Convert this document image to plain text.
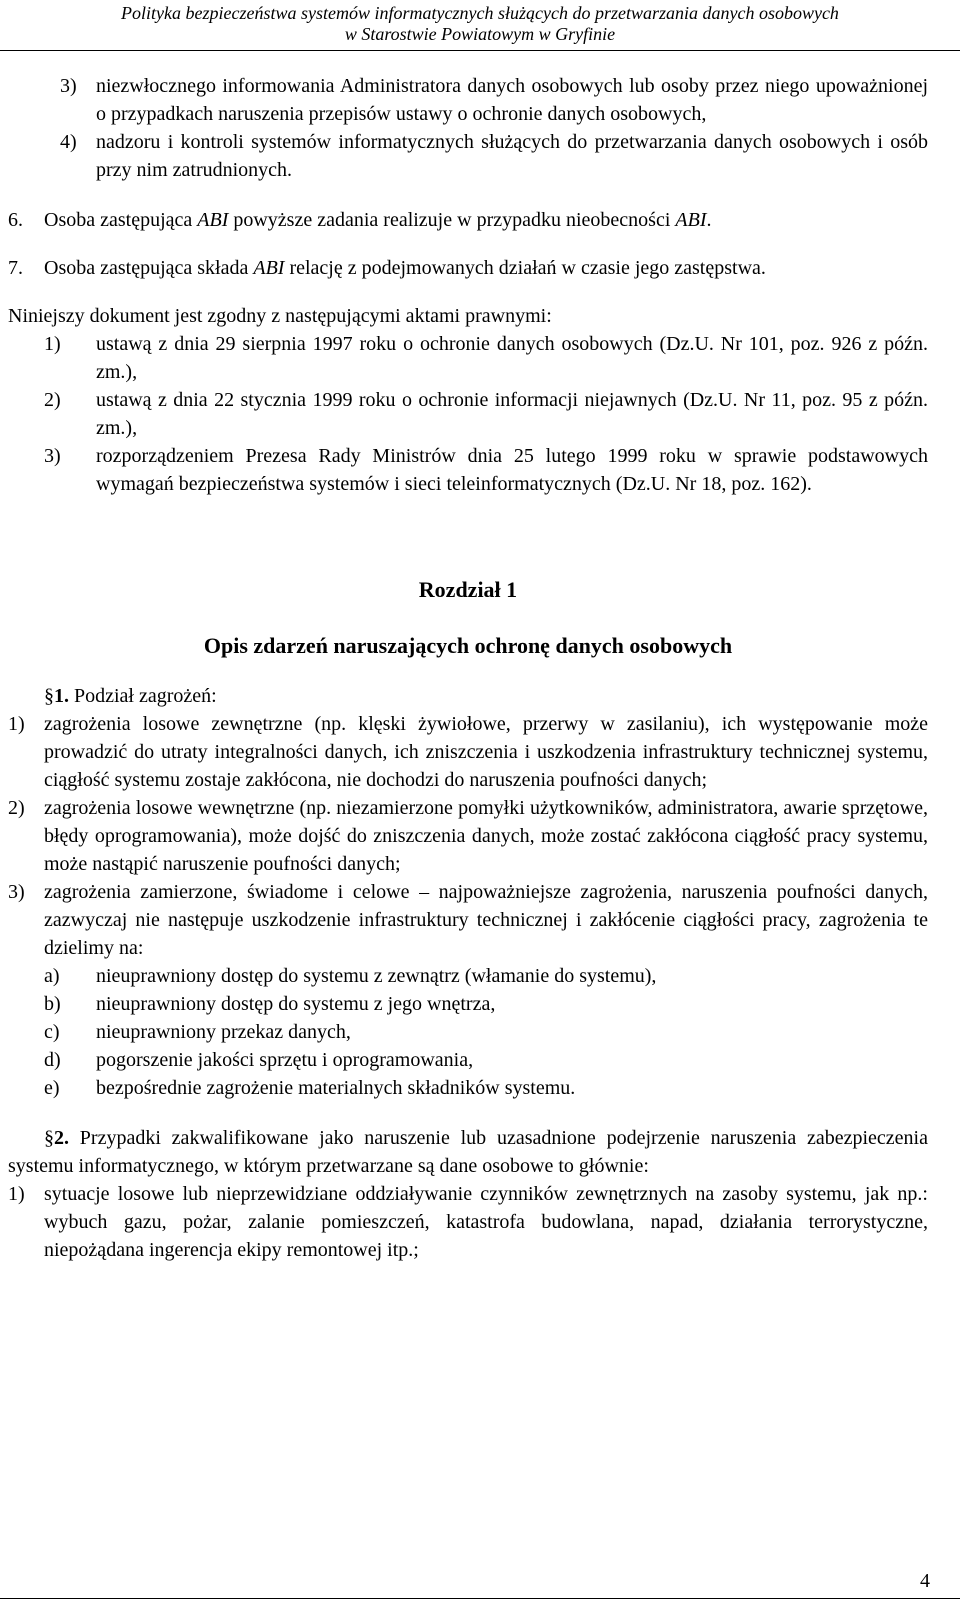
Polityka bezpieczeństwa systemów informatycznych służących do przetwarzania danych osobowych
w Starostwie Powiatowym w Gryfinie
3) niezwłocznego informowania Administratora danych osobowych lub osoby przez niego upoważnionej o przypadkach naruszenia przepisów ustawy o ochronie danych osobowych,
4) nadzoru i kontroli systemów informatycznych służących do przetwarzania danych osobowych i osób przy nim zatrudnionych.
6. Osoba zastępująca ABI powyższe zadania realizuje w przypadku nieobecności ABI.
7. Osoba zastępująca składa ABI relację z podejmowanych działań w czasie jego zastępstwa.

Niniejszy dokument jest zgodny z następującymi aktami prawnymi:

1) ustawą z dnia 29 sierpnia 1997 roku o ochronie danych osobowych (Dz.U. Nr 101, poz. 926 z późn. zm.),
2) ustawą z dnia 22 stycznia 1999 roku o ochronie informacji niejawnych (Dz.U. Nr 11, poz. 95 z późn. zm.),
3) rozporządzeniem Prezesa Rady Ministrów dnia 25 lutego 1999 roku w sprawie podstawowych wymagań bezpieczeństwa systemów i sieci teleinformatycznych (Dz.U. Nr 18, poz. 162).
Rozdział 1
Opis zdarzeń naruszających ochronę danych osobowych

§1. Podział zagrożeń:

1) zagrożenia losowe zewnętrzne (np. klęski żywiołowe, przerwy w zasilaniu), ich występowanie może prowadzić do utraty integralności danych, ich zniszczenia i uszkodzenia infrastruktury technicznej systemu, ciągłość systemu zostaje zakłócona, nie dochodzi do naruszenia poufności danych;
2) zagrożenia losowe wewnętrzne (np. niezamierzone pomyłki użytkowników, administratora, awarie sprzętowe, błędy oprogramowania), może dojść do zniszczenia danych, może zostać zakłócona ciągłość pracy systemu, może nastąpić naruszenie poufności danych;
3) zagrożenia zamierzone, świadome i celowe – najpoważniejsze zagrożenia, naruszenia poufności danych, zazwyczaj nie następuje uszkodzenie infrastruktury technicznej i zakłócenie ciągłości pracy, zagrożenia te dzielimy na:
a) nieuprawniony dostęp do systemu z zewnątrz (włamanie do systemu),
b) nieuprawniony dostęp do systemu z jego wnętrza,
c) nieuprawniony przekaz danych,
d) pogorszenie jakości sprzętu i oprogramowania,
e) bezpośrednie zagrożenie materialnych składników systemu.

§2. Przypadki zakwalifikowane jako naruszenie lub uzasadnione podejrzenie naruszenia zabezpieczenia systemu informatycznego, w którym przetwarzane są dane osobowe to głównie:

1) sytuacje losowe lub nieprzewidziane oddziaływanie czynników zewnętrznych na zasoby systemu, jak np.: wybuch gazu, pożar, zalanie pomieszczeń, katastrofa budowlana, napad, działania terrorystyczne, niepożądana ingerencja ekipy remontowej itp.;
4
